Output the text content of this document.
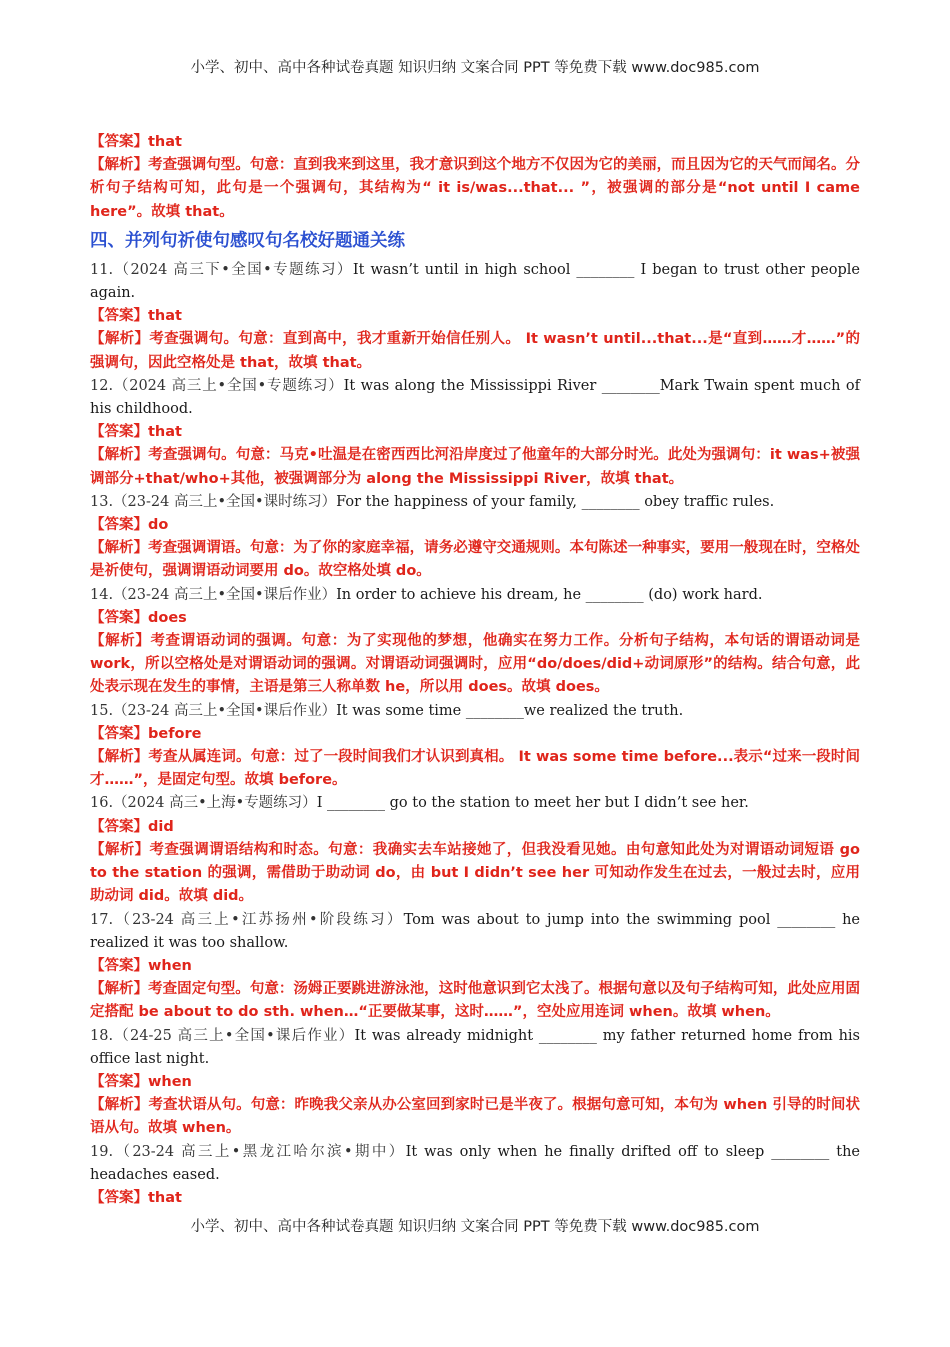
小学、初中、高中各种试卷真题 知识归纳 文案合同 PPT 等免费下载 www.doc985.com
【答案】that
【解析】考查强调句型。句意：直到我来到这里，我才意识到这个地方不仅因为它的美丽，而且因为它的天气而闻名。分析句子结构可知，此句是一个强调句，其结构为“ it is/was...that... ”，被强调的部分是“not until I came here”。故填 that。
四、并列句祈使句感叹句名校好题通关练
11.（2024 高三下•全国•专题练习）It wasn’t until in high school ________ I began to trust other people again.
【答案】that
【解析】考查强调句。句意：直到高中，我才重新开始信任别人。 It wasn’t until...that...是“直到……才……”的强调句，因此空格处是 that，故填 that。
12.（2024 高三上•全国•专题练习）It was along the Mississippi River ________Mark Twain spent much of his childhood.
【答案】that
【解析】考查强调句。句意：马克•吐温是在密西西比河沿岸度过了他童年的大部分时光。此处为强调句：it was+被强调部分+that/who+其他，被强调部分为 along the Mississippi River，故填 that。
13.（23-24 高三上•全国•课时练习）For the happiness of your family, ________ obey traffic rules.
【答案】do
【解析】考查强调谓语。句意：为了你的家庭幸福，请务必遵守交通规则。本句陈述一种事实，要用一般现在时，空格处是祈使句，强调谓语动词要用 do。故空格处填 do。
14.（23-24 高三上•全国•课后作业）In order to achieve his dream, he ________ (do) work hard.
【答案】does
【解析】考查谓语动词的强调。句意：为了实现他的梦想，他确实在努力工作。分析句子结构，本句话的谓语动词是 work，所以空格处是对谓语动词的强调。对谓语动词强调时，应用“do/does/did+动词原形”的结构。结合句意，此处表示现在发生的事情，主语是第三人称单数 he，所以用 does。故填 does。
15.（23-24 高三上•全国•课后作业）It was some time ________we realized the truth.
【答案】before
【解析】考查从属连词。句意：过了一段时间我们才认识到真相。 It was some time before...表示“过来一段时间才……”，是固定句型。故填 before。
16.（2024 高三•上海•专题练习）I ________ go to the station to meet her but I didn’t see her.
【答案】did
【解析】考查强调谓语结构和时态。句意：我确实去车站接她了，但我没看见她。由句意知此处为对谓语动词短语 go to the station 的强调，需借助于助动词 do，由 but I didn’t see her 可知动作发生在过去，一般过去时，应用助动词 did。故填 did。
17.（23-24 高三上•江苏扬州•阶段练习）Tom was about to jump into the swimming pool ________ he realized it was too shallow.
【答案】when
【解析】考查固定句型。句意：汤姆正要跳进游泳池，这时他意识到它太浅了。根据句意以及句子结构可知，此处应用固定搭配 be about to do sth. when…“正要做某事，这时……”，空处应用连词 when。故填 when。
18.（24-25 高三上•全国•课后作业）It was already midnight ________ my father returned home from his office last night.
【答案】when
【解析】考查状语从句。句意：昨晚我父亲从办公室回到家时已是半夜了。根据句意可知，本句为 when 引导的时间状语从句。故填 when。
19.（23-24 高三上•黑龙江哈尔滨•期中）It was only when he finally drifted off to sleep ________ the headaches eased.
【答案】that
小学、初中、高中各种试卷真题 知识归纳 文案合同 PPT 等免费下载 www.doc985.com
